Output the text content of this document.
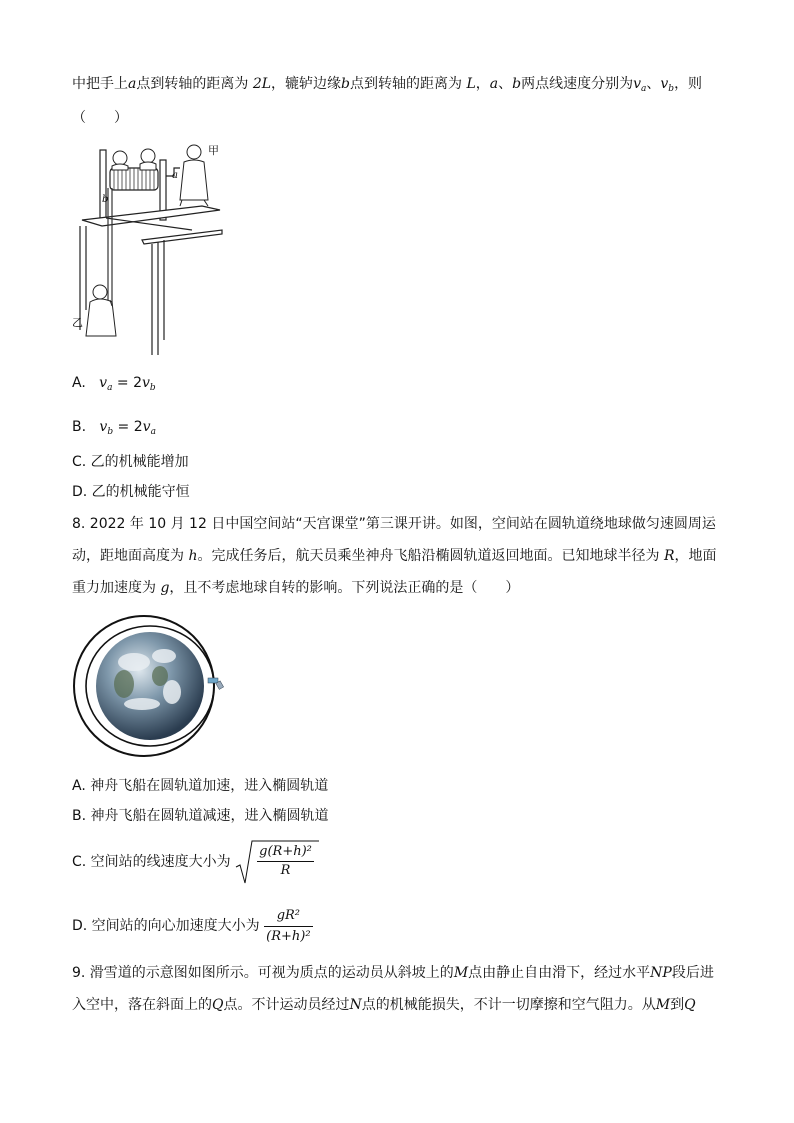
中把手上a点到转轴的距离为 2L，辘轳边缘b点到转轴的距离为 L，a、b两点线速度分别为$v_a$、$v_b$，则
（　　）
甲
乙
a
b
A. $v_a = 2v_b$
B. $v_b = 2v_a$
C. 乙的机械能增加
D. 乙的机械能守恒
8. 2022 年 10 月 12 日中国空间站“天宫课堂”第三课开讲。如图，空间站在圆轨道绕地球做匀速圆周运
动，距地面高度为 h。完成任务后，航天员乘坐神舟飞船沿椭圆轨道返回地面。已知地球半径为 R，地面
重力加速度为 g，且不考虑地球自转的影响。下列说法正确的是（　　）
A. 神舟飞船在圆轨道加速，进入椭圆轨道
B. 神舟飞船在圆轨道减速，进入椭圆轨道
C. 空间站的线速度大小为 $\frac{\text{g(R+h)²}}{R}$
D. 空间站的向心加速度大小为 $\frac{\text{gR²}}{\text{(R+h)²}}$
9. 滑雪道的示意图如图所示。可视为质点的运动员从斜坡上的M点由静止自由滑下，经过水平NP段后进
入空中，落在斜面上的Q点。不计运动员经过N点的机械能损失，不计一切摩擦和空气阻力。从M到Q
